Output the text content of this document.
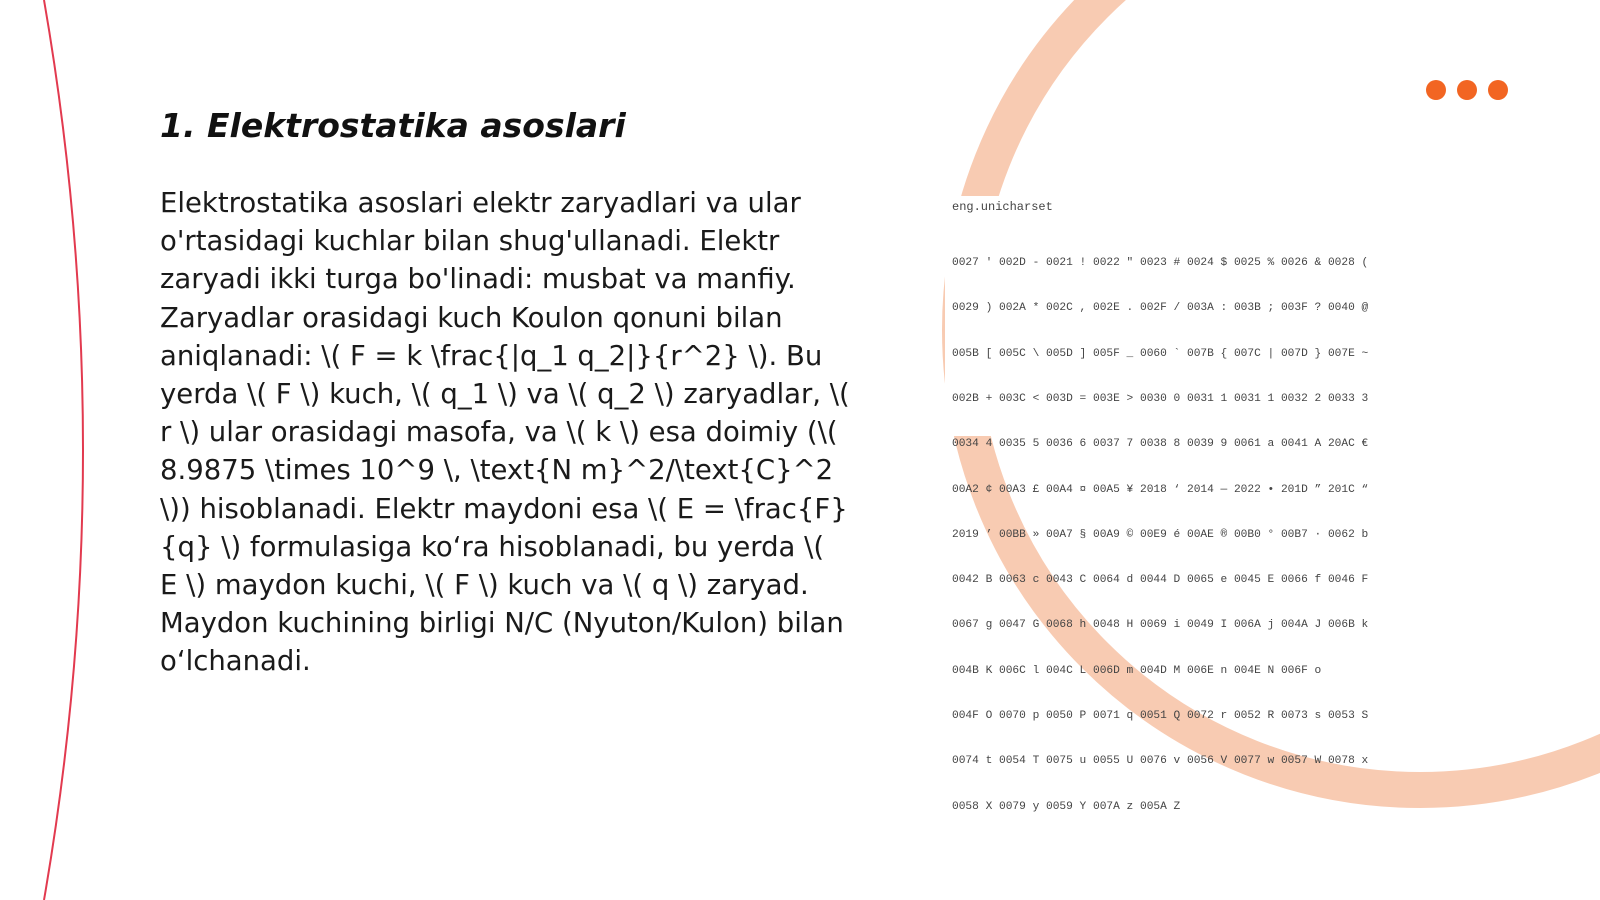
1. Elektrostatika asoslari

Elektrostatika asoslari elektr zaryadlari va ular o'rtasidagi kuchlar bilan shug'ullanadi. Elektr zaryadi ikki turga bo'linadi: musbat va manfiy. Zaryadlar orasidagi kuch Koulon qonuni bilan aniqlanadi: \( F = k \frac{|q_1 q_2|}{r^2} \). Bu yerda \( F \) kuch, \( q_1 \) va \( q_2 \) zaryadlar, \( r \) ular orasidagi masofa, va \( k \) esa doimiy (\( 8.9875 \times 10^9 \, \text{N m}^2/\text{C}^2 \)) hisoblanadi. Elektr maydoni esa \( E = \frac{F}{q} \) formulasiga ko‘ra hisoblanadi, bu yerda \( E \) maydon kuchi, \( F \) kuch va \( q \) zaryad. Maydon kuchining birligi N/C (Nyuton/Kulon) bilan o‘lchanadi.

eng.unicharset

0027 ' 002D - 0021 ! 0022 " 0023 # 0024 $ 0025 % 0026 & 0028 (

0029 ) 002A * 002C , 002E . 002F / 003A : 003B ; 003F ? 0040 @

005B [ 005C \ 005D ] 005F _ 0060 ` 007B { 007C | 007D } 007E ~

002B + 003C < 003D = 003E > 0030 0 0031 1 0031 1 0032 2 0033 3

0034 4 0035 5 0036 6 0037 7 0038 8 0039 9 0061 a 0041 A 20AC €

00A2 ¢ 00A3 £ 00A4 ¤ 00A5 ¥ 2018 ‘ 2014 — 2022 • 201D ” 201C “

2019 ’ 00BB » 00A7 § 00A9 © 00E9 é 00AE ® 00B0 ° 00B7 · 0062 b

0042 B 0063 c 0043 C 0064 d 0044 D 0065 e 0045 E 0066 f 0046 F

0067 g 0047 G 0068 h 0048 H 0069 i 0049 I 006A j 004A J 006B k

004B K 006C l 004C L 006D m 004D M 006E n 004E N 006F o

004F O 0070 p 0050 P 0071 q 0051 Q 0072 r 0052 R 0073 s 0053 S

0074 t 0054 T 0075 u 0055 U 0076 v 0056 V 0077 w 0057 W 0078 x

0058 X 0079 y 0059 Y 007A z 005A Z
